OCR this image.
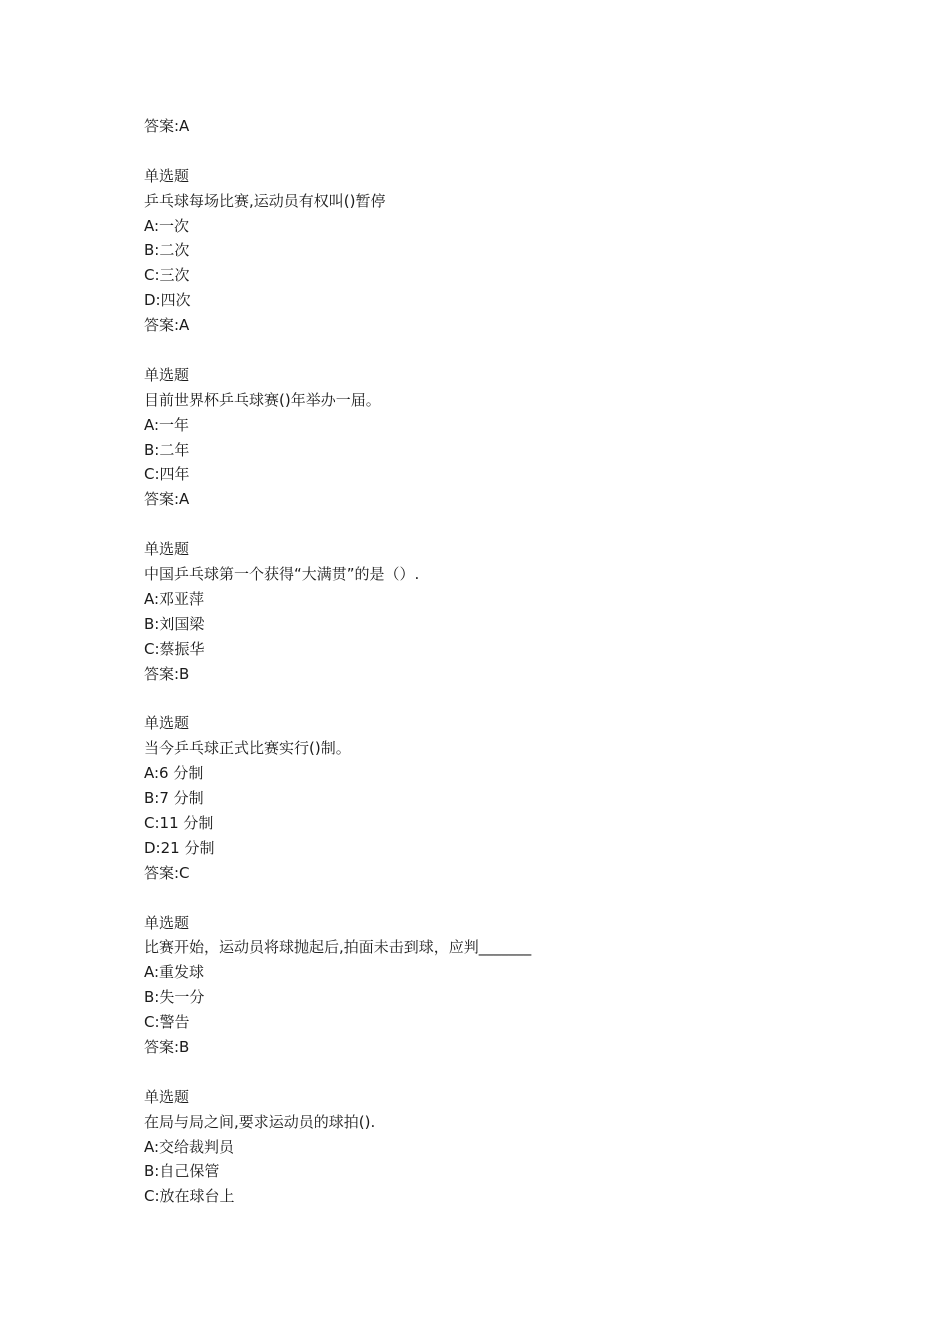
答案:A
单选题
乒乓球每场比赛,运动员有权叫()暂停
A:一次
B:二次
C:三次
D:四次
答案:A
单选题
目前世界杯乒乓球赛()年举办一届。
A:一年
B:二年
C:四年
答案:A
单选题
中国乒乓球第一个获得“大满贯”的是（）.
A:邓亚萍
B:刘国梁
C:蔡振华
答案:B
单选题
当今乒乓球正式比赛实行()制。
A:6 分制
B:7 分制
C:11 分制
D:21 分制
答案:C
单选题
比赛开始，运动员将球抛起后,拍面未击到球，应判_______
A:重发球
B:失一分
C:警告
答案:B
单选题
在局与局之间,要求运动员的球拍().
A:交给裁判员
B:自己保管
C:放在球台上
